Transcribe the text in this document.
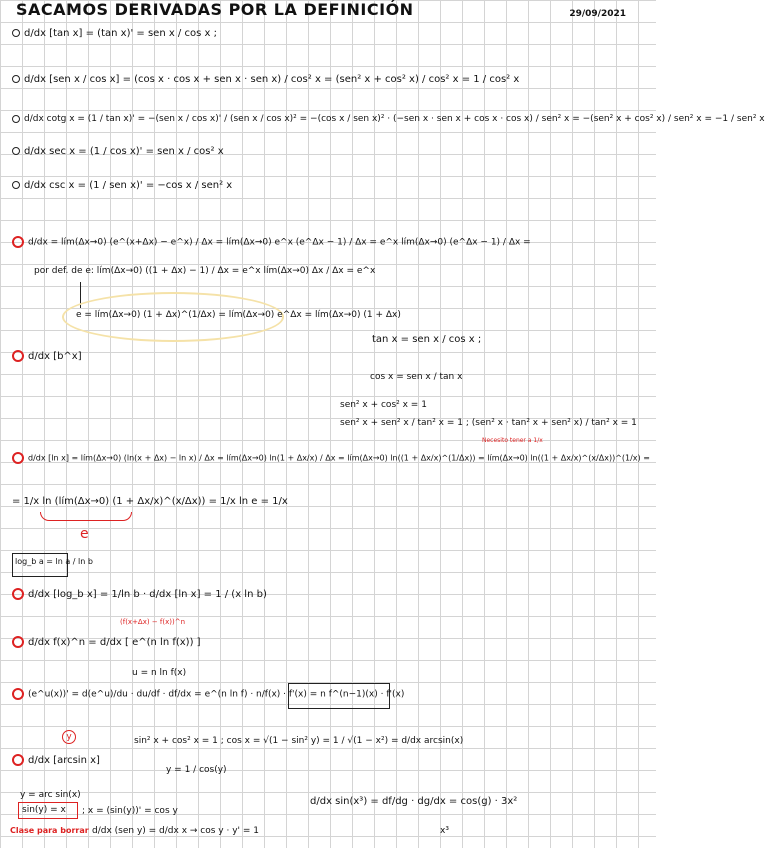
SACAMOS DERIVADAS POR LA DEFINICIÓN	29/09/2021
d/dx [tan x] = (tan x)' = sen x / cos x ;
d/dx [sen x / cos x] = (cos x · cos x + sen x · sen x) / cos² x = (sen² x + cos² x) / cos² x = 1 / cos² x
d/dx cotg x = (1 / tan x)' = −(sen x / cos x)' / (sen x / cos x)² = −(cos x / sen x)² · (−sen x · sen x + cos x · cos x) / sen² x = −(sen² x + cos² x) / sen² x = −1 / sen² x
d/dx sec x = (1 / cos x)' = sen x / cos² x
d/dx csc x = (1 / sen x)' = −cos x / sen² x
d/dx = lím(Δx→0) (e^(x+Δx) − e^x) / Δx = lím(Δx→0) e^x (e^Δx − 1) / Δx = e^x lím(Δx→0) (e^Δx − 1) / Δx =
por def. de e: lím(Δx→0) ((1 + Δx) − 1) / Δx = e^x lím(Δx→0) Δx / Δx = e^x
e = lím(Δx→0) (1 + Δx)^(1/Δx) = lím(Δx→0) e^Δx = lím(Δx→0) (1 + Δx)
d/dx [b^x]
tan x = sen x / cos x ;
cos x = sen x / tan x
sen² x + cos² x = 1
sen² x + sen² x / tan² x = 1 ; (sen² x · tan² x + sen² x) / tan² x = 1
Necesito tener a 1/x
d/dx [ln x] = lím(Δx→0) (ln(x + Δx) − ln x) / Δx = lím(Δx→0) ln(1 + Δx/x) / Δx = lím(Δx→0) ln((1 + Δx/x)^(1/Δx)) = lím(Δx→0) ln((1 + Δx/x)^(x/Δx))^(1/x) =
= 1/x ln (lím(Δx→0) (1 + Δx/x)^(x/Δx)) = 1/x ln e = 1/x
e
log_b a = ln a / ln b
d/dx [log_b x] = 1/ln b · d/dx [ln x] = 1 / (x ln b)
(f(x+Δx) − f(x))^n
d/dx f(x)^n = d/dx [ e^(n ln f(x)) ]
u = n ln f(x)
(e^u(x))' = d(e^u)/du · du/df · df/dx = e^(n ln f) · n/f(x) · f'(x) = n f^(n−1)(x) · f'(x)
y
d/dx [arcsin x]
sin² x + cos² x = 1 ; cos x = √(1 − sin² y) = 1 / √(1 − x²) = d/dx arcsin(x)
y = 1 / cos(y)
y = arc sin(x)
sin(y) = x ; x = (sin(y))' = cos y
Clase para borrar d/dx (sen y) = d/dx x → cos y · y' = 1
d/dx sin(x³) = df/dg · dg/dx = cos(g) · 3x²
x³
